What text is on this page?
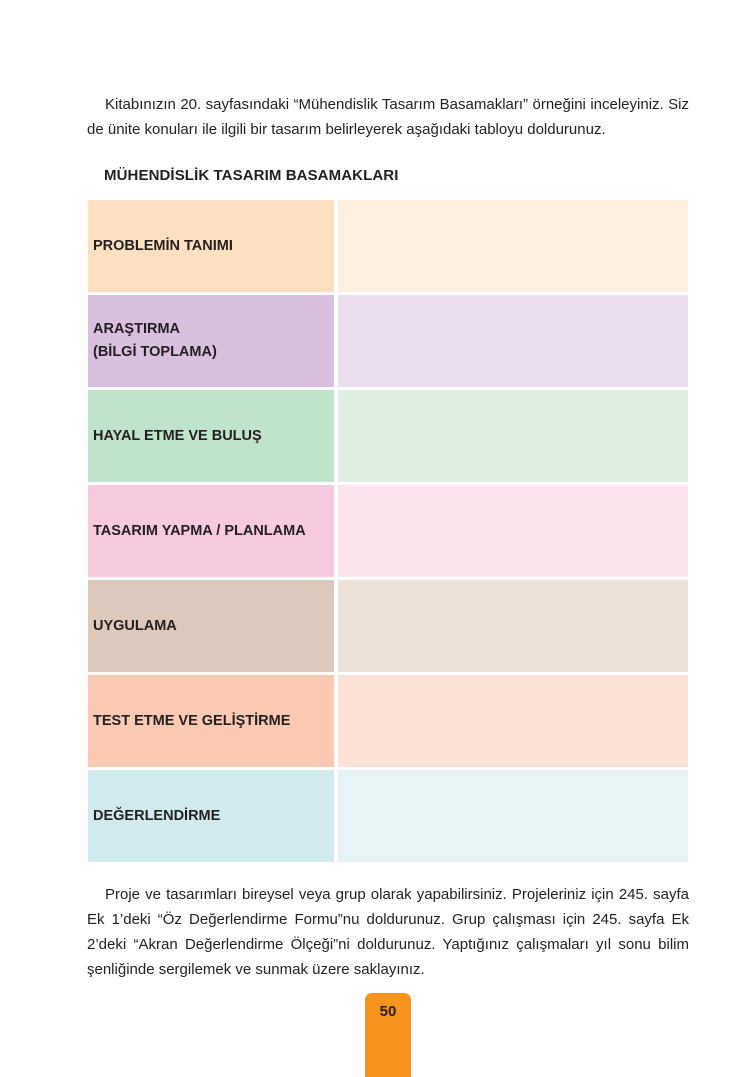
Kitabınızın 20. sayfasındaki “Mühendislik Tasarım Basamakları” örneğini inceleyiniz. Siz de ünite konuları ile ilgili bir tasarım belirleyerek aşağıdaki tabloyu doldurunuz.

MÜHENDİSLİK TASARIM BASAMAKLARI
PROBLEMİN TANIMI
ARAŞTIRMA
(BİLGİ TOPLAMA)
HAYAL ETME VE BULUŞ
TASARIM YAPMA / PLANLAMA
UYGULAMA
TEST ETME VE GELİŞTİRME
DEĞERLENDİRME

Proje ve tasarımları bireysel veya grup olarak yapabilirsiniz. Projeleriniz için 245. sayfa Ek 1’deki “Öz Değerlendirme Formu”nu doldurunuz. Grup çalışması için 245. sayfa Ek 2’deki “Akran Değerlendirme Ölçeği”ni doldurunuz. Yaptığınız çalışmaları yıl sonu bilim şenliğinde sergilemek ve sunmak üzere saklayınız.

50
